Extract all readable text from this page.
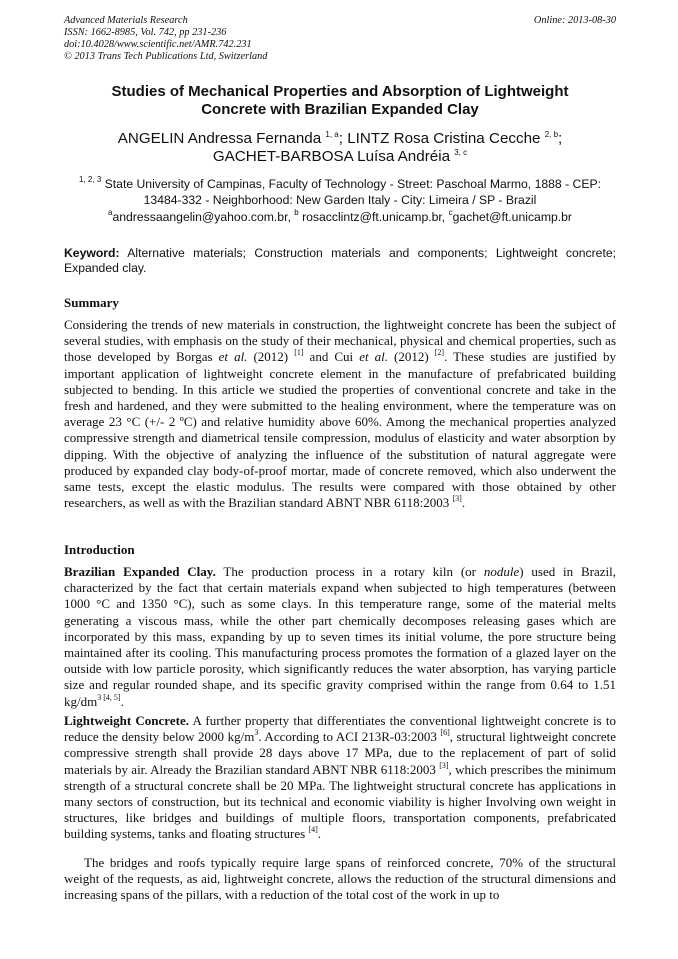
Advanced Materials Research
ISSN: 1662-8985, Vol. 742, pp 231-236
doi:10.4028/www.scientific.net/AMR.742.231
© 2013 Trans Tech Publications Ltd, Switzerland
Online: 2013-08-30
Studies of Mechanical Properties and Absorption of Lightweight
Concrete with Brazilian Expanded Clay
ANGELIN Andressa Fernanda $^{1, a}$; LINTZ Rosa Cristina Cecche $^{2, b}$;
GACHET-BARBOSA Luísa Andréia $^{3, c}$
$^{1, 2, 3}$ State University of Campinas, Faculty of Technology - Street: Paschoal Marmo, 1888 - CEP:
13484-332 - Neighborhood: New Garden Italy - City: Limeira / SP - Brazil
$^a$andressaangelin@yahoo.com.br, $^b$ rosacclintz@ft.unicamp.br, $^c$gachet@ft.unicamp.br
Keyword: Alternative materials; Construction materials and components; Lightweight concrete; Expanded clay.
Summary
Considering the trends of new materials in construction, the lightweight concrete has been the subject of several studies, with emphasis on the study of their mechanical, physical and chemical properties, such as those developed by Borgas et al. (2012) [1] and Cui et al. (2012) [2]. These studies are justified by important application of lightweight concrete element in the manufacture of prefabricated building subjected to bending. In this article we studied the properties of conventional concrete and take in the fresh and hardened, and they were submitted to the healing environment, where the temperature was on average 23 °C (+/- 2 ºC) and relative humidity above 60%. Among the mechanical properties analyzed compressive strength and diametrical tensile compression, modulus of elasticity and water absorption by dipping. With the objective of analyzing the influence of the substitution of natural aggregate were produced by expanded clay body-of-proof mortar, made of concrete removed, which also underwent the same tests, except the elastic modulus. The results were compared with those obtained by other researchers, as well as with the Brazilian standard ABNT NBR 6118:2003 [3].
Introduction
Brazilian Expanded Clay. The production process in a rotary kiln (or nodule) used in Brazil, characterized by the fact that certain materials expand when subjected to high temperatures (between 1000 °C and 1350 °C), such as some clays. In this temperature range, some of the material melts generating a viscous mass, while the other part chemically decomposes releasing gases which are incorporated by this mass, expanding by up to seven times its initial volume, the pore structure being maintained after its cooling. This manufacturing process promotes the formation of a glazed layer on the outside with low particle porosity, which significantly reduces the water absorption, has varying particle size and regular rounded shape, and its specific gravity comprised within the range from 0.64 to 1.51 $kg/dm^{3 [4, 5]}$.
Lightweight Concrete. A further property that differentiates the conventional lightweight concrete is to reduce the density below 2000 $kg/m^3$. According to ACI 213R-03:2003 [6], structural lightweight concrete compressive strength shall provide 28 days above 17 MPa, due to the replacement of part of solid materials by air. Already the Brazilian standard ABNT NBR 6118:2003 [3], which prescribes the minimum strength of a structural concrete shall be 20 MPa. The lightweight structural concrete has applications in many sectors of construction, but its technical and economic viability is higher Involving own weight in structures, like bridges and buildings of multiple floors, transportation components, prefabricated building systems, tanks and floating structures [4].
The bridges and roofs typically require large spans of reinforced concrete, 70% of the structural weight of the requests, as aid, lightweight concrete, allows the reduction of the structural dimensions and increasing spans of the pillars, with a reduction of the total cost of the work in up to
